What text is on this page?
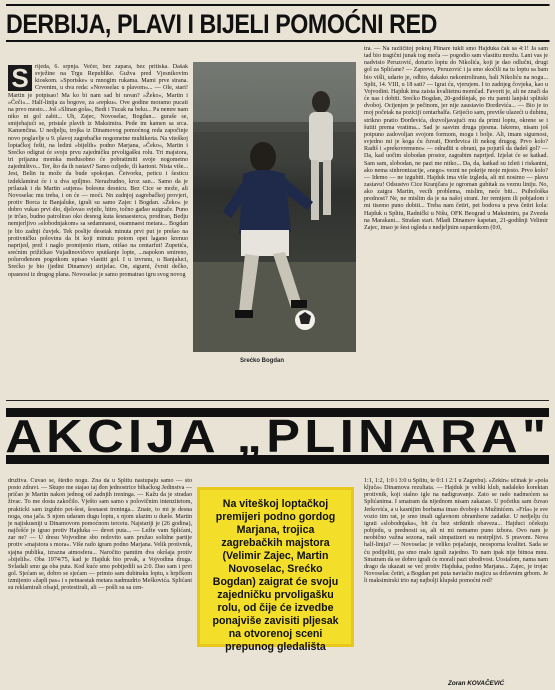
DERBIJA, PLAVI I BIJELI POMOĆNI RED
S	rijeda, 6. srpnja. Večer, bez zapara, bez pritiska. Dašak svježine na Trgu Republike. Gužva pred Vjesnikovim kioskom. »Sportske« u mnogim rukama. Mami prve strana. Crvenim, u dva reda: »Novoselac u plavom«... — Ole, stari! Martin je potpisao! Ma ko bi nam sad bi ravan? »Žeko«, Martin i »Čeči«... Half-linija za bogove, za »repku«. Ove godine moramo pucati na prvo mesto... Još »Slinan gola«, Bedi i Tucak na beku... Pa nemre nam niko ni gol zabit... Uh, Zajec, Novoselac, Bogdan... guraše se, smijehajući se, pristale plavih iz Maksimira. Pede im kamen sa srca. Kamenčina. U nedjelju, trojka iz Dinamovog pomoćnog reda započinje novo poglavlje u 9. plavoj zagrebačke nogometne multikerta. Na viteškoj loptačkoj fešti, na ledini »bijelih« podno Marjana, »Čeko«, Martin i Srećko odigrat će svoju prvu zajedničku prvoligašku rolu. Tri majstora, tri prijazna momka međusobno će pobratimiti svoje nogometno zajedništvo... Ter, što da ih rastavi? Samo ozljede, ili kartoni. Nista više... Jest, Belin tu može da bude spokojan. Četvorku, peticu i šesticu izdeklamirat će i u dva spiljmo. Nerazbudno, kroz san... Samo da je prilazak i da Martin »utjera« bolesnu desnicu. Bez Cice se može, ali Novoselac mu treba, i on će — moći. Nn zadnjoj zagrebačkoj provjeri, protiv Borca iz Banjaluke, igrali su samo Zajec i Bogdan. »Žeko« je dobro vukao prvi dio, djelovao svježe, hitro, točno gađao suigrače. Puno je trčao, budno patrolirao oko desnog kuta šesnaesterca, prodirao, Bedju nemjerljivo »slobodnjakom« sa sedamnaest, osamnaest metara... Bogdan je bio zadnji čuvjek. Tek poslije desetak minuta prvi put je prešao na protivničku polovinu da bi koji minutu potom opet lagano krenuo naprijed, prež i naglo promijenio ritam, otišao na centarfut! Zupetića, srećnim prižićkao Vujadinovičevo sputšanje lopte, ...napokon smireno, polurođenom pogotkom upisao vlastiti gol. I u izvrsnu, u Banjaluci, Srećko je bio (jedini Dinamov) strijelac. On, sigurni, čvrsti dečko, opasnost iz drugog plana. Novoselac je samo promatrao igru svog novog
Srećko Bogdan
tra. — Na različitoj pokraj Plinare tukli smo Hajduka čak sa 4:1! Ja sam tad bio tragični junak tog meča — pogodio sam vlastitu mrežu. Lani vas je nadvisio Peruzović, doturio loptu do Nikolića, koji je dao odlučni, drugi gol za Splićane? — Zaprevo, Peruzović i ja smo skočili na tu loptu sa bam bio višli, udario je, odbio, dakako nekontroliranu, bali Nikoliću na nogu... Split, 14. VIII, u 18 sati? — Igrat ću, vjerujem. I to zadnjeg čovjeka, kao u Vojvodini. Hajduk ima zaista kvalitetnu momčad. Favorit je, ali ne znači da će nas i dobiti. Srećko Bogdan, 20-godišnjak, po riu pamti lanjski splitski dvoboj. Ocijenjen je pečinom, jer nije zaustavio Đorđevića... — Bio je to moj početak na poziciji centarhalfa. Grijećio sam, previše ulazeći u dubinu, strikno pratio Đorđevića, dozvoljavajući mu da primi loptu, okrene se i šutiti prema vratima... Sad je sasvim druga pjesma. Iskreno, nisam još potpuno zadovoljan svojom formom, mogu i bolje. Ali, imam sigurnost, svjedno mi je koga ću čuvati, Đorđevica ili nekog drugog. Prvo kolo? Radiš i »prekovremeno« — odrađiti u obrani, pa pojuriš da dadeš gol? — Da, kad uočim slobodan prostor, zagrabim naprijed. Izjelat će se katkad. Sam sam, slobodan, ne pazi me nitko... Da, da, katkad su izleti i riskantni, ako nema sinhronizacije, »nego« vezni ne pokrije moje mjesto. Prvo kolo? — Idemo — ne izgubiti. Hajduk ima više izgleda, ali mi nosimo — plavu zastavu! Odsustvo Cice Kranjčara je ogroman gubitak za veznu liniju. No, ako zaigra Martin, vecih problema, mislim, neće biti... Psihološka prednost? Ne, ne mislim da je na našoj strani. Jer remijem ili pobjadom i mi tisemo puno dobiti... Treba nam četiri, pet bodova u prva četiri kola: Hajduk u Splitu, Radnički u Nišu, OFK Beograd u Maksimiru, pa Zvezda na Marakani... Strašan start. Mladi Dinamov kapetan, 21-godišnji Velimir Zajec, imao je šest ogleda s nedjeljnim suparnikom (0:0,
AKCIJA „PLINARA"
druživa. Čuvao se, štedio nogu. Zna da u Splitu nastupaju samo — sto posto zdravi. — Skupo me stajao taj đon jednostrice bihaćkog Jedinstva — pričao je Martin nakon jednog od zadnjih treninga. — Kažu da je stradao živac. To me dosta zakočilo. Vješto sam samo s polovičnim intenzitetom, prakticki sam izgubio pet-šest, šesnaest treninga... Znate, to mi je desna noga, ona jača. S njom udaram dugu loptu, s njom ulazim u duele. Martin je najiskusniji u Dinamovom pomoćnom tercetu. Najstariji je (26 godina), najčešće je igrao protiv Hajduka — devet puta... — Ležte vam Splićani, zar ne? — U dresu Vojvodine sbo redovito sam pružao solidne partije protiv »majstora s mora«. Više rado igram podno Marjana. Velik protivnik, sjajna publika, izrazna atmosfera... Naročito pamtim dva okršaja protiv »bijelih«. Oba 1974/75, kad je Hajduk bio prvak, a Vojvodina druga. Svladali smo ga oba puta. Kod kuće smo pobijedili sa 2:0. Dao sam i prvi gol. Sjećam se, dobro se sjećam — primio sam dubinsku loptu, s hrpčkom izmijenio »žapli pas« i s petnaestak metara nadmudrio Meškovića. Splićani su reklamirali ofsajd, protestirali, ali — pošli su sa cen-
Na viteškoj loptačkoj premijeri podno gordog Marjana, trojica zagrebačkih majstora (Velimir Zajec, Martin Novoselac, Srećko Bogdan) zaigrat će svoju zajedničku prvoligašku rolu, od čije će izvedbe ponajviše zavisiti pljesak na otvorenoj sceni prepunog gledališta
1:1, 1:2, 1:0 i 3:0 u Splitu, te 0:1 i 2:1 u Zagrebu). »Žekin« učinak je »pola ključa« Dinamova rezultata. — Hajduk je veliki klub, nadaleko korektan protivnik, koji stalno igle na nadigravanje. Zato se rado nadmećem sa Splićanima. I smatram da nijednom nisam zakazao. U početku sam čuvao Jerkovića, a u kasnijim borbama imao dvoboje s Mužinićem. »Frla« je sve vozio tim rat, je smo imali uglavnom obrambene zadatke. U nedjelju ću igrati »slobodnjaka«, bit ću bez striktnih obaveza... Hajduci očekuju pobjedu, u prednosti su, ali ni mi nemamo puno izbora. Ovo nam je neobično važna sezona, naši simpatizeri su nestrpljivi. S pravom. Nova half-linija? — Novoselac je veliko pojačanje, neosporna kvalitet. Sada se ću podijeliti, pa smo malo igrali zajedno. To nam ipak nije bitnoa mnu. Smatram da se dobro igrali će morali pazi ubodivost. Uostalom, nama nam drago da ukazati se već protiv Hajduka, podno Marjana... Zajec, je trojac Novoselac četiri, a Bogdan pet puta naviačio majicu sa državnim grbom. Je li maksimirski trio naj najbolji klupski pomoćni red?
Zoran KOVAČEVIĆ
